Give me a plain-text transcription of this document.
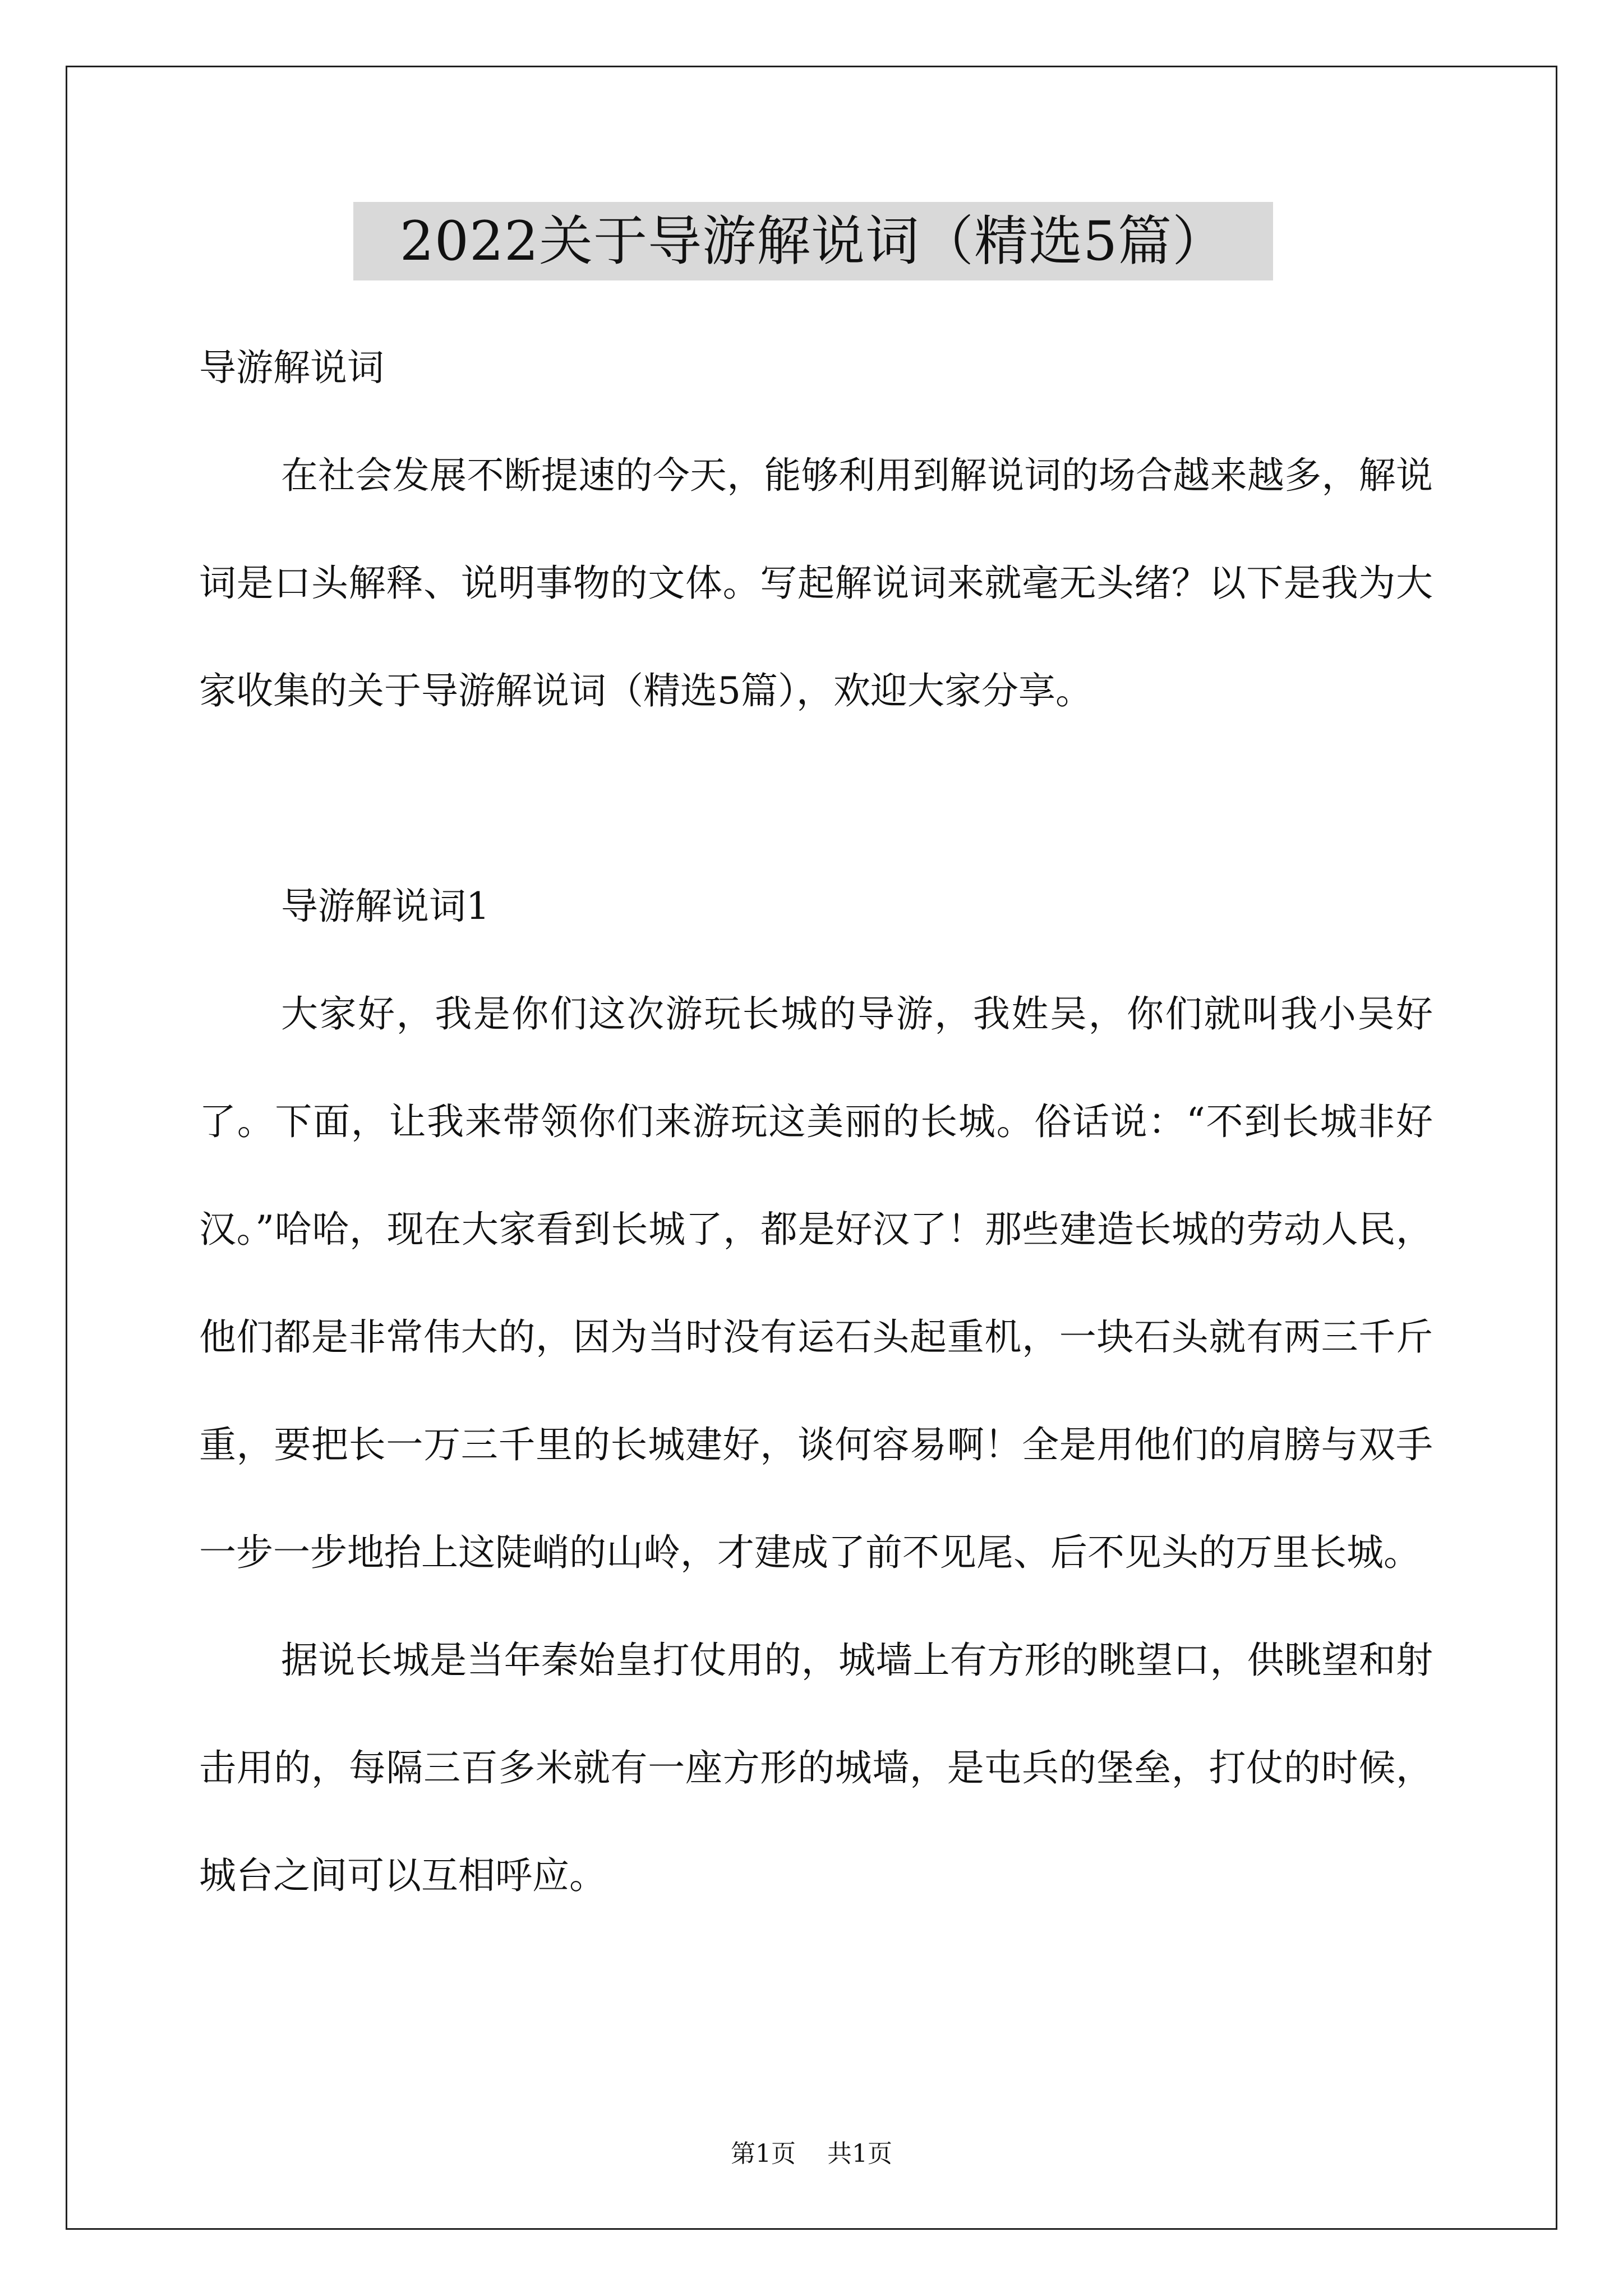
2022关于导游解说词（精选5篇）

导游解说词

在社会发展不断提速的今天，能够利用到解说词的场合越来越多，解说词是口头解释、说明事物的文体。写起解说词来就毫无头绪？以下是我为大家收集的关于导游解说词（精选5篇），欢迎大家分享。

导游解说词1

大家好，我是你们这次游玩长城的导游，我姓吴，你们就叫我小吴好了。下面，让我来带领你们来游玩这美丽的长城。俗话说：“不到长城非好汉。”哈哈，现在大家看到长城了，都是好汉了！那些建造长城的劳动人民，他们都是非常伟大的，因为当时没有运石头起重机，一块石头就有两三千斤重，要把长一万三千里的长城建好，谈何容易啊！全是用他们的肩膀与双手一步一步地抬上这陡峭的山岭，才建成了前不见尾、后不见头的万里长城。

据说长城是当年秦始皇打仗用的，城墙上有方形的眺望口，供眺望和射击用的，每隔三百多米就有一座方形的城墙，是屯兵的堡垒，打仗的时候，城台之间可以互相呼应。

第1页 共1页
